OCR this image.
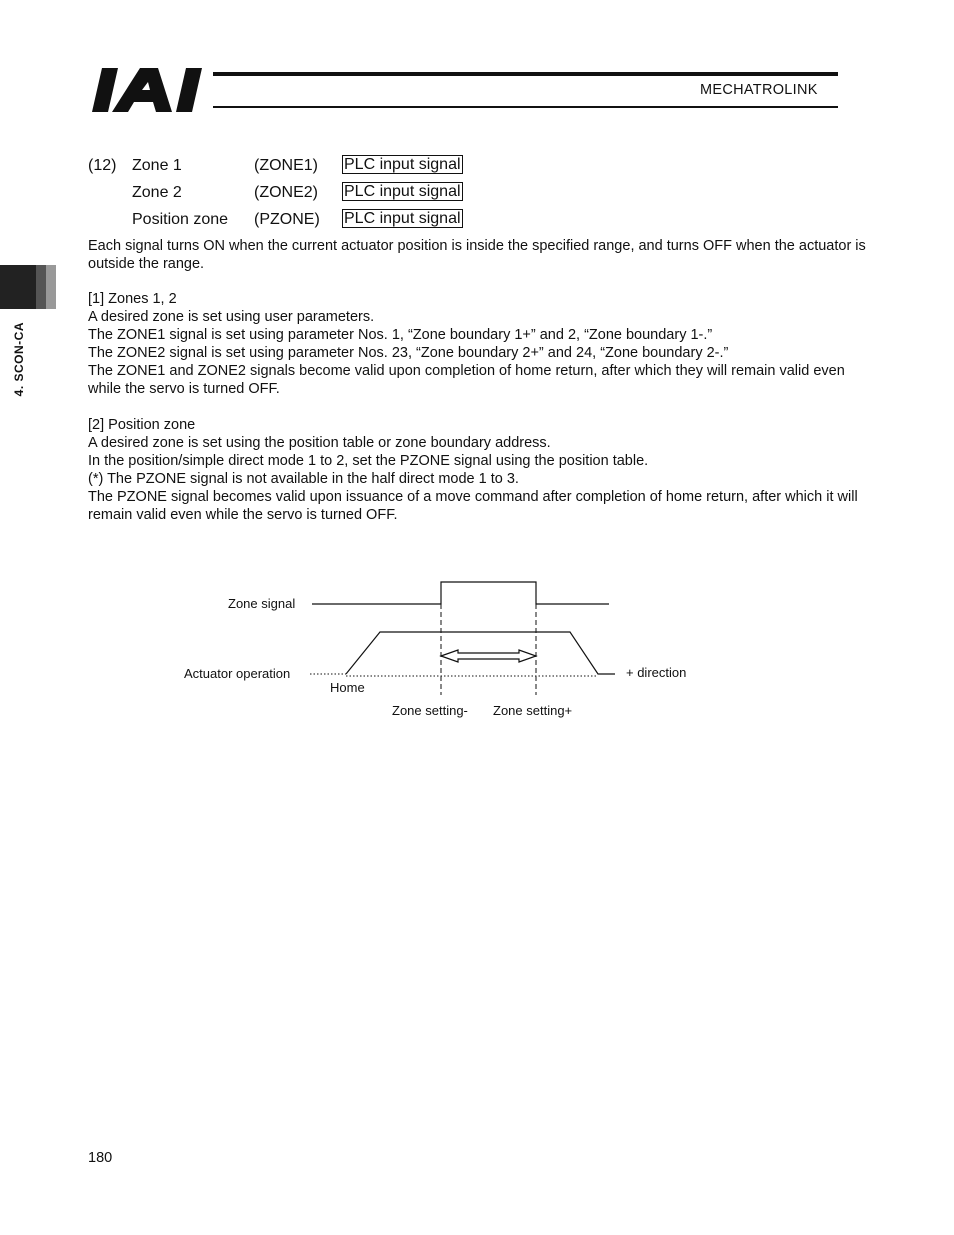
MECHATROLINK
4. SCON-CA
(12) Zone 1	(ZONE1) PLC input signal
Zone 2	(ZONE2) PLC input signal
Position zone (PZONE) PLC input signal
Each signal turns ON when the current actuator position is inside the specified range, and turns OFF when the actuator is outside the range.
[1] Zones 1, 2
A desired zone is set using user parameters.
The ZONE1 signal is set using parameter Nos. 1, “Zone boundary 1+” and 2, “Zone boundary 1-.”
The ZONE2 signal is set using parameter Nos. 23, “Zone boundary 2+” and 24, “Zone boundary 2-.”
The ZONE1 and ZONE2 signals become valid upon completion of home return, after which they will remain valid even while the servo is turned OFF.
[2] Position zone
A desired zone is set using the position table or zone boundary address.
In the position/simple direct mode 1 to 2, set the PZONE signal using the position table.
(*) The PZONE signal is not available in the half direct mode 1 to 3.
The PZONE signal becomes valid upon issuance of a move command after completion of home return, after which it will remain valid even while the servo is turned OFF.
Zone signal
Actuator operation
Home
+ direction
Zone setting- Zone setting+
180
